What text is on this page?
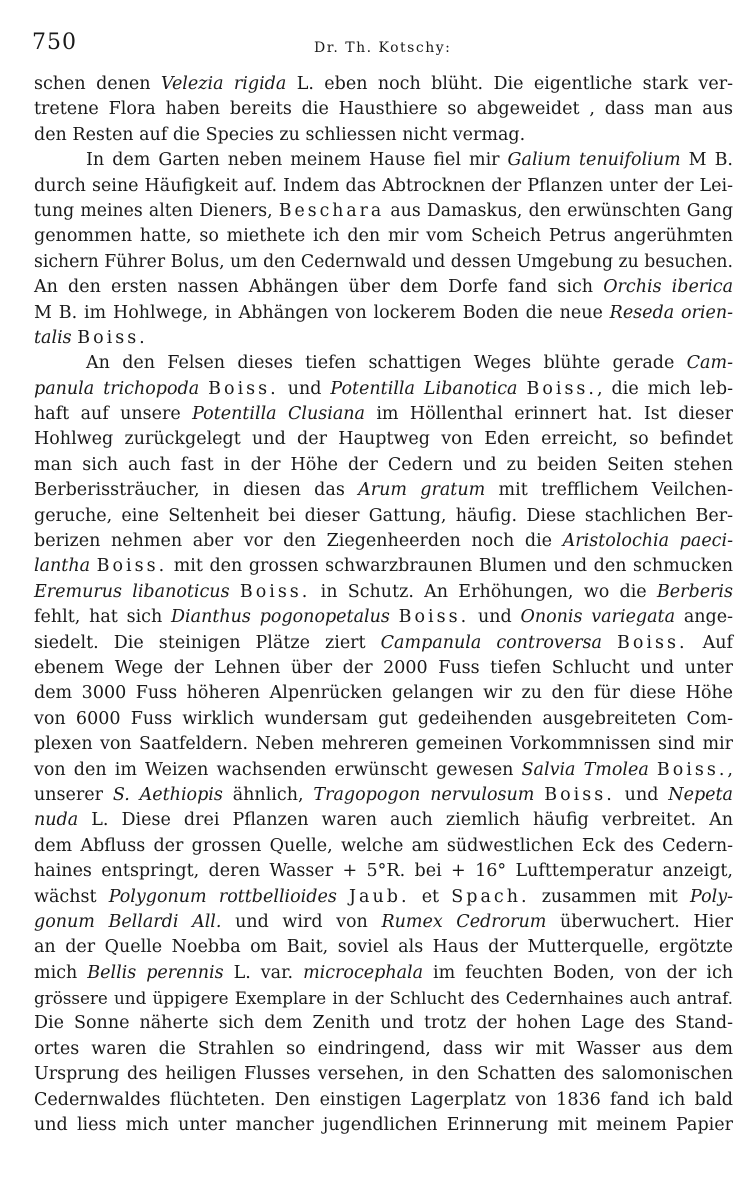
750	Dr. Th. Kotschy:
schen denen Velezia rigida L. eben noch blüht. Die eigentliche stark ver-
tretene Flora haben bereits die Hausthiere so abgeweidet , dass man aus
den Resten auf die Species zu schliessen nicht vermag.
In dem Garten neben meinem Hause fiel mir Galium tenuifolium M B.
durch seine Häufigkeit auf. Indem das Abtrocknen der Pflanzen unter der Lei-
tung meines alten Dieners, Beschara aus Damaskus, den erwünschten Gang
genommen hatte, so miethete ich den mir vom Scheich Petrus angerühmten
sichern Führer Bolus, um den Cedernwald und dessen Umgebung zu besuchen.
An den ersten nassen Abhängen über dem Dorfe fand sich Orchis iberica
M B. im Hohlwege, in Abhängen von lockerem Boden die neue Reseda orien-
talis Boiss.
An den Felsen dieses tiefen schattigen Weges blühte gerade Cam-
panula trichopoda Boiss. und Potentilla Libanotica Boiss., die mich leb-
haft auf unsere Potentilla Clusiana im Höllenthal erinnert hat. Ist dieser
Hohlweg zurückgelegt und der Hauptweg von Eden erreicht, so befindet
man sich auch fast in der Höhe der Cedern und zu beiden Seiten stehen
Berberissträucher, in diesen das Arum gratum mit trefflichem Veilchen-
geruche, eine Seltenheit bei dieser Gattung, häufig. Diese stachlichen Ber-
berizen nehmen aber vor den Ziegenheerden noch die Aristolochia paeci-
lantha Boiss. mit den grossen schwarzbraunen Blumen und den schmucken
Eremurus libanoticus Boiss. in Schutz. An Erhöhungen, wo die Berberis
fehlt, hat sich Dianthus pogonopetalus Boiss. und Ononis variegata ange-
siedelt. Die steinigen Plätze ziert Campanula controversa Boiss. Auf
ebenem Wege der Lehnen über der 2000 Fuss tiefen Schlucht und unter
dem 3000 Fuss höheren Alpenrücken gelangen wir zu den für diese Höhe
von 6000 Fuss wirklich wundersam gut gedeihenden ausgebreiteten Com-
plexen von Saatfeldern. Neben mehreren gemeinen Vorkommnissen sind mir
von den im Weizen wachsenden erwünscht gewesen Salvia Tmolea Boiss.,
unserer S. Aethiopis ähnlich, Tragopogon nervulosum Boiss. und Nepeta
nuda L. Diese drei Pflanzen waren auch ziemlich häufig verbreitet. An
dem Abfluss der grossen Quelle, welche am südwestlichen Eck des Cedern-
haines entspringt, deren Wasser + 5°R. bei + 16° Lufttemperatur anzeigt,
wächst Polygonum rottbellioides Jaub. et Spach. zusammen mit Poly-
gonum Bellardi All. und wird von Rumex Cedrorum überwuchert. Hier
an der Quelle Noebba om Bait, soviel als Haus der Mutterquelle, ergötzte
mich Bellis perennis L. var. microcephala im feuchten Boden, von der ich
grössere und üppigere Exemplare in der Schlucht des Cedernhaines auch antraf.
Die Sonne näherte sich dem Zenith und trotz der hohen Lage des Stand-
ortes waren die Strahlen so eindringend, dass wir mit Wasser aus dem
Ursprung des heiligen Flusses versehen, in den Schatten des salomonischen
Cedernwaldes flüchteten. Den einstigen Lagerplatz von 1836 fand ich bald
und liess mich unter mancher jugendlichen Erinnerung mit meinem Papier
